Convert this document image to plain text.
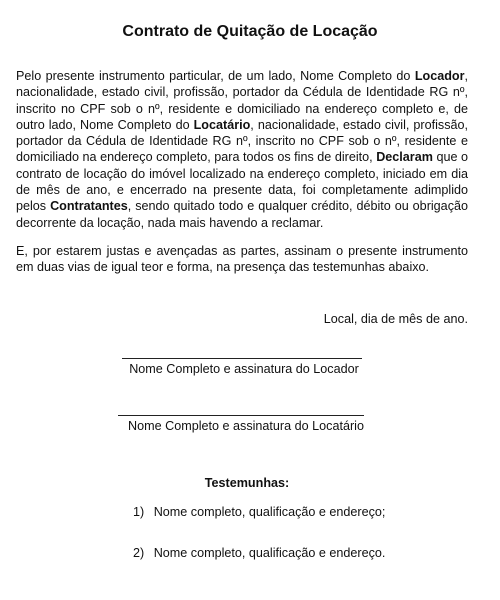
Contrato de Quitação de Locação

Pelo presente instrumento particular, de um lado, Nome Completo do Locador, nacionalidade, estado civil, profissão, portador da Cédula de Identidade RG nº, inscrito no CPF sob o nº, residente e domiciliado na endereço completo e, de outro lado, Nome Completo do Locatário, nacionalidade, estado civil, profissão, portador da Cédula de Identidade RG nº, inscrito no CPF sob o nº, residente e domiciliado na endereço completo, para todos os fins de direito, Declaram que o contrato de locação do imóvel localizado na endereço completo, iniciado em dia de mês de ano, e encerrado na presente data, foi completamente adimplido pelos Contratantes, sendo quitado todo e qualquer crédito, débito ou obrigação decorrente da locação, nada mais havendo a reclamar.

E, por estarem justas e avençadas as partes, assinam o presente instrumento em duas vias de igual teor e forma, na presença das testemunhas abaixo.

Local, dia de mês de ano.
Nome Completo e assinatura do Locador
Nome Completo e assinatura do Locatário
Testemunhas:
1) Nome completo, qualificação e endereço;
2) Nome completo, qualificação e endereço.
